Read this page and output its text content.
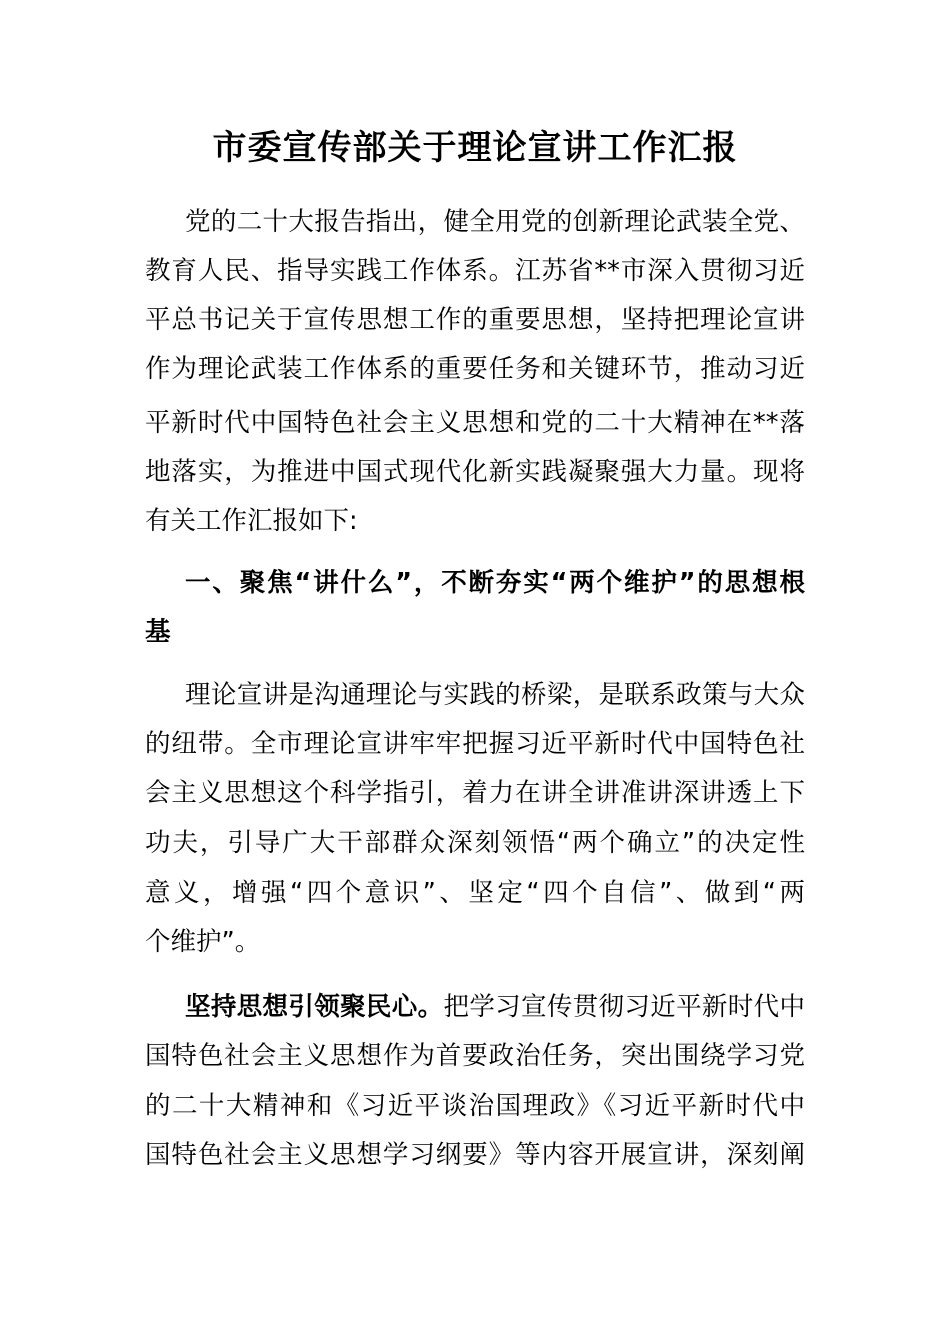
市委宣传部关于理论宣讲工作汇报
党的二十大报告指出，健全用党的创新理论武装全党、
教育人民、指导实践工作体系。江苏省**市深入贯彻习近
平总书记关于宣传思想工作的重要思想，坚持把理论宣讲
作为理论武装工作体系的重要任务和关键环节，推动习近
平新时代中国特色社会主义思想和党的二十大精神在**落
地落实，为推进中国式现代化新实践凝聚强大力量。现将
有关工作汇报如下:
一、聚焦“讲什么”，不断夯实“两个维护”的思想根
基
理论宣讲是沟通理论与实践的桥梁，是联系政策与大众
的纽带。全市理论宣讲牢牢把握习近平新时代中国特色社
会主义思想这个科学指引，着力在讲全讲准讲深讲透上下
功夫，引导广大干部群众深刻领悟“两个确立”的决定性
意义，增强“四个意识”、坚定“四个自信”、做到“两
个维护”。
坚持思想引领聚民心。把学习宣传贯彻习近平新时代中
国特色社会主义思想作为首要政治任务，突出围绕学习党
的二十大精神和《习近平谈治国理政》《习近平新时代中
国特色社会主义思想学习纲要》等内容开展宣讲，深刻阐
